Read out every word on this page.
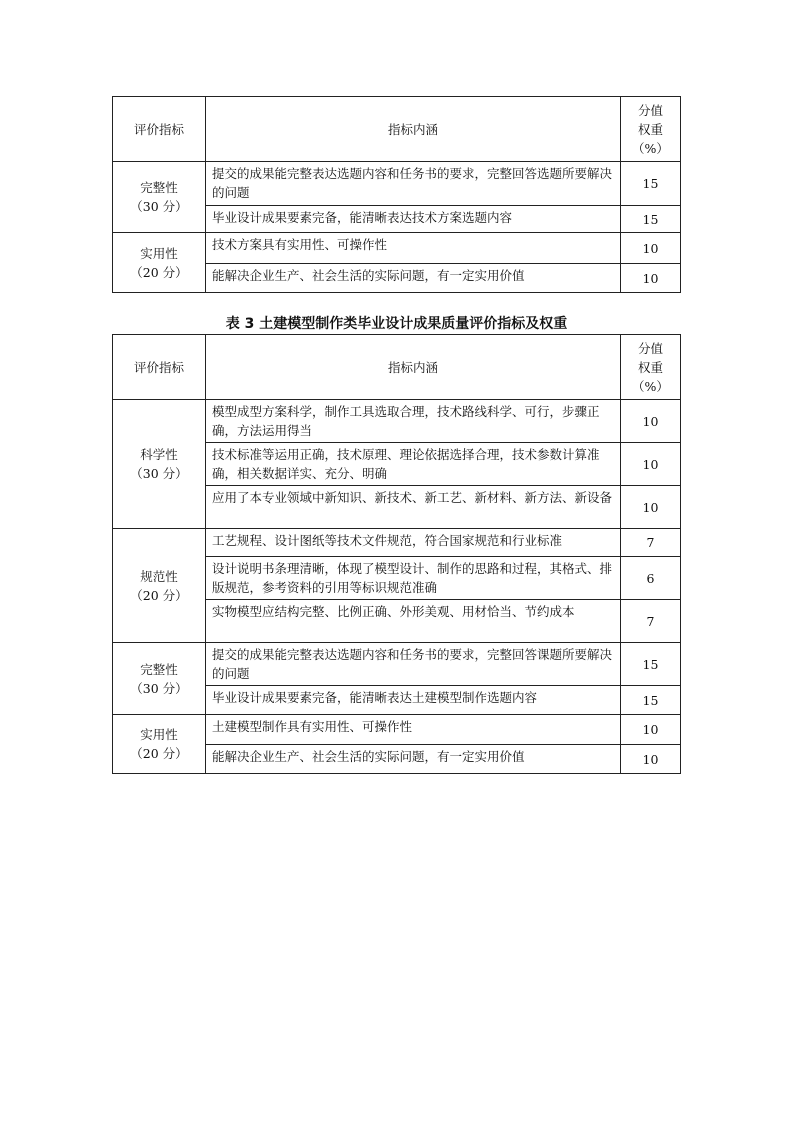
评价指标	指标内涵	分值
权重
（%）

完整性
（30 分）	提交的成果能完整表达选题内容和任务书的要求，完整回答选题所要解决的问题	15

	毕业设计成果要素完备，能清晰表达技术方案选题内容	15

实用性
（20 分）	技术方案具有实用性、可操作性	10

	能解决企业生产、社会生活的实际问题，有一定实用价值	10
表 3 土建模型制作类毕业设计成果质量评价指标及权重
评价指标	指标内涵	分值
权重
（%）

科学性
（30 分）	模型成型方案科学，制作工具选取合理，技术路线科学、可行，步骤正确，方法运用得当	10

	技术标准等运用正确，技术原理、理论依据选择合理，技术参数计算准确，相关数据详实、充分、明确	10

	应用了本专业领域中新知识、新技术、新工艺、新材料、新方法、新设备	10

规范性
（20 分）	工艺规程、设计图纸等技术文件规范，符合国家规范和行业标准	7

	设计说明书条理清晰，体现了模型设计、制作的思路和过程，其格式、排版规范，参考资料的引用等标识规范准确	6

	实物模型应结构完整、比例正确、外形美观、用材恰当、节约成本	7

完整性
（30 分）	提交的成果能完整表达选题内容和任务书的要求，完整回答课题所要解决的问题	15

	毕业设计成果要素完备，能清晰表达土建模型制作选题内容	15

实用性
（20 分）	土建模型制作具有实用性、可操作性	10

	能解决企业生产、社会生活的实际问题，有一定实用价值	10
